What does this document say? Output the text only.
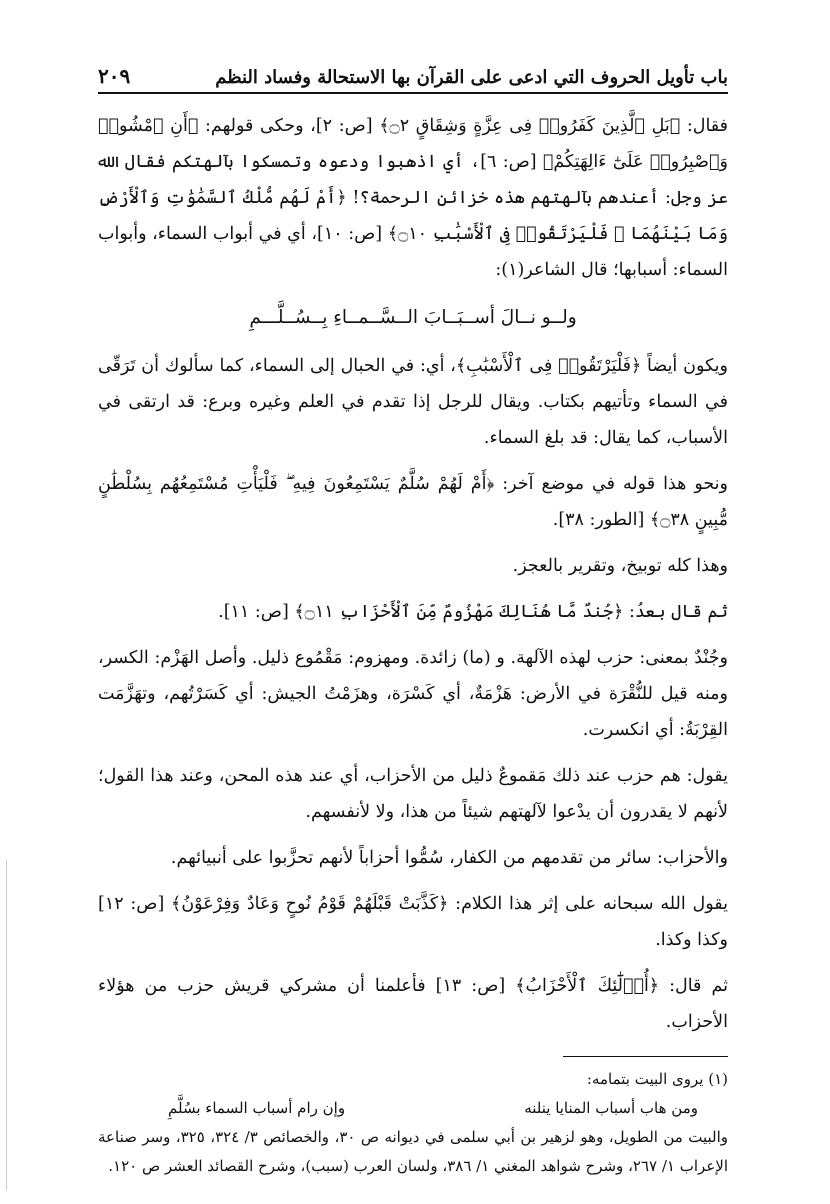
باب تأويل الحروف التي ادعى على القرآن بها الاستحالة وفساد النظم
٢٠٩

فقال: ﴿بَلِ ٱلَّذِينَ كَفَرُوا۟ فِى عِزَّةٍ وَشِقَاقٍ ۝٢﴾ [ص: ٢]، وحكى قولهم: ﴿أَنِ ٱمْشُوا۟ وَٱصْبِرُوا۟ عَلَىٰٓ ءَالِهَتِكُمْ﴾ [ص: ٦]، أي اذهبوا ودعوه وتمسكوا بآلهتكم فقال الله عز وجل: أعندهم بآلهتهم هذه خزائن الرحمة؟! ﴿أَمْ لَهُم مُّلْكُ ٱلسَّمَٰوَٰتِ وَٱلْأَرْضِ وَمَا بَيْنَهُمَا ۖ فَلْيَرْتَقُوا۟ فِى ٱلْأَسْبَٰبِ ۝١٠﴾ [ص: ١٠]، أي في أبواب السماء، وأبواب السماء: أسبابها؛ قال الشاعر(١):

ولــو نــالَ أســبَــابَ الــسَّــمــاءِ بِــسُــلَّـــمِ

ويكون أيضاً ﴿فَلْيَرْتَقُوا۟ فِى ٱلْأَسْبَٰبِ﴾، أي: في الحبال إلى السماء، كما سألوك أن تَرَقّى في السماء وتأتيهم بكتاب. ويقال للرجل إذا تقدم في العلم وغيره وبرع: قد ارتقى في الأسباب، كما يقال: قد بلغ السماء.

ونحو هذا قوله في موضع آخر: ﴿أَمْ لَهُمْ سُلَّمٌ يَسْتَمِعُونَ فِيهِ ۖ فَلْيَأْتِ مُسْتَمِعُهُم بِسُلْطَٰنٍ مُّبِينٍ ۝٣٨﴾ [الطور: ٣٨].

وهذا كله توبيخ، وتقرير بالعجز.

ثم قال بعدُ: ﴿جُندٌ مَّا هُنَالِكَ مَهْزُومٌ مِّنَ ٱلْأَحْزَابِ ۝١١﴾ [ص: ١١].

وجُنْدٌ بمعنى: حزب لهذه الآلهة. و (ما) زائدة. ومهزوم: مَقْمُوع ذليل. وأصل الهَزْم: الكسر، ومنه قيل للنُّقْرَة في الأرض: هَزْمَةٌ، أي كَسْرَة، وهزَمْتُ الجيش: أي كَسَرْتُهم، وتهَزَّمَت القِرْبَةُ: أي انكسرت.

يقول: هم حزب عند ذلك مَقموعٌ ذليل من الأحزاب، أي عند هذه المحن، وعند هذا القول؛ لأنهم لا يقدرون أن يدْعوا لآلهتهم شيئاً من هذا، ولا لأنفسهم.

والأحزاب: سائر من تقدمهم من الكفار، سُمُّوا أحزاباً لأنهم تحزَّبوا على أنبيائهم.

يقول الله سبحانه على إثر هذا الكلام: ﴿كَذَّبَتْ قَبْلَهُمْ قَوْمُ نُوحٍ وَعَادٌ وَفِرْعَوْنُ﴾ [ص: ١٢] وكذا وكذا.

ثم قال: ﴿أُو۟لَٰٓئِكَ ٱلْأَحْزَابُ﴾ [ص: ١٣] فأعلمنا أن مشركي قريش حزب من هؤلاء الأحزاب.

(١) يروى البيت بتمامه:

ومن هاب أسباب المنايا ينلنه
وإن رام أسباب السماء بسُلَّمِ

والبيت من الطويل، وهو لزهير بن أبي سلمى في ديوانه ص ٣٠، والخصائص ٣/ ٣٢٤، ٣٢٥، وسر صناعة الإعراب ١/ ٢٦٧، وشرح شواهد المغني ١/ ٣٨٦، ولسان العرب (سبب)، وشرح القصائد العشر ص ١٢٠.
